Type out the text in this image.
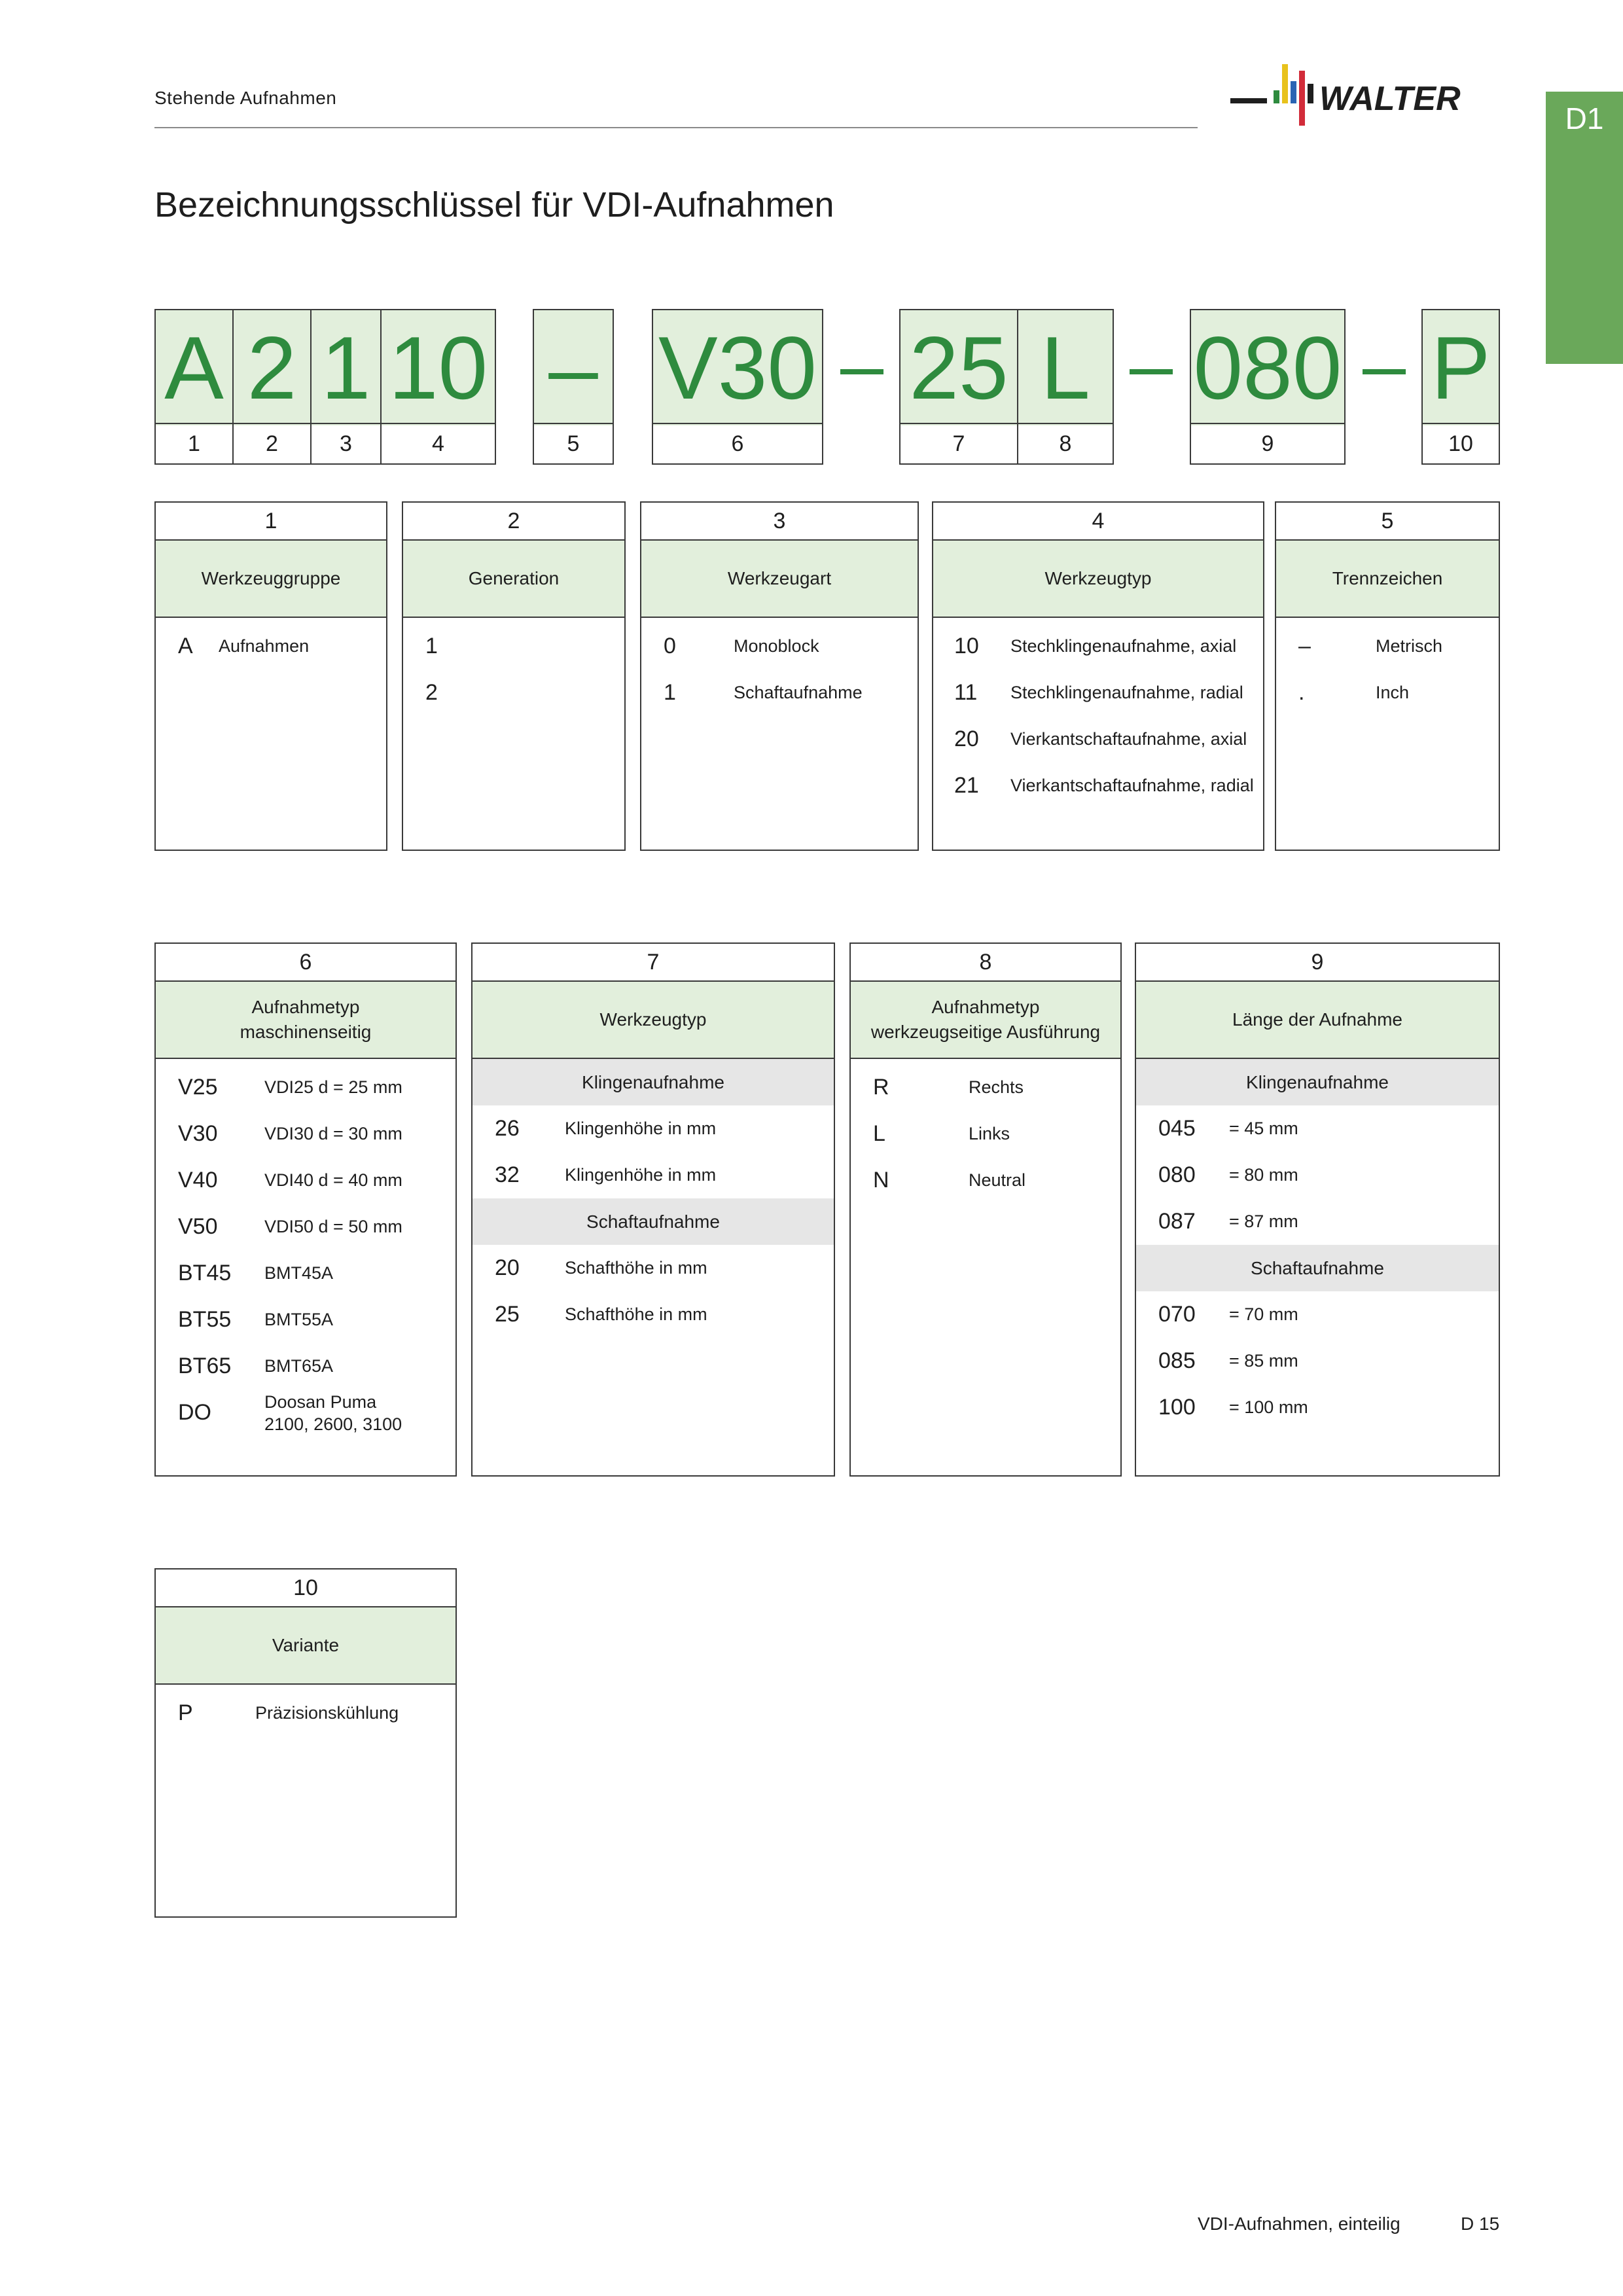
Stehende Aufnahmen	WALTER
D1
Bezeichnungsschlüssel für VDI-Aufnahmen
A 2 1 10
1	2	3	4
–
5
V30
6
25 L
7	8
080
9
P
10
1
Werkzeuggruppe
A Aufnahmen
2
Generation
1
2
3
Werkzeugart
0	Monoblock
1	Schaftaufnahme
4
Werkzeugtyp
10 Stechklingenaufnahme, axial
11 Stechklingenaufnahme, radial
20 Vierkantschaftaufnahme, axial
21 Vierkantschaftaufnahme, radial
5
Trennzeichen
–	Metrisch
.	Inch
6
Aufnahmetyp
maschinenseitig
V25	VDI25 d = 25 mm
V30	VDI30 d = 30 mm
V40	VDI40 d = 40 mm
V50	VDI50 d = 50 mm
BT45 BMT45A
BT55 BMT55A
BT65 BMT65A
DO	Doosan Puma
2100, 2600, 3100
7
Werkzeugtyp
Klingenaufnahme
26	Klingenhöhe in mm
32	Klingenhöhe in mm
Schaftaufnahme
20	Schafthöhe in mm
25	Schafthöhe in mm
8
Aufnahmetyp
werkzeugseitige Ausführung
R	Rechts
L	Links
N	Neutral
9
Länge der Aufnahme
Klingenaufnahme
045 = 45 mm
080 = 80 mm
087 = 87 mm
Schaftaufnahme
070 = 70 mm
085 = 85 mm
100 = 100 mm
10
Variante
P	Präzisionskühlung
VDI-Aufnahmen, einteilig	D 15
